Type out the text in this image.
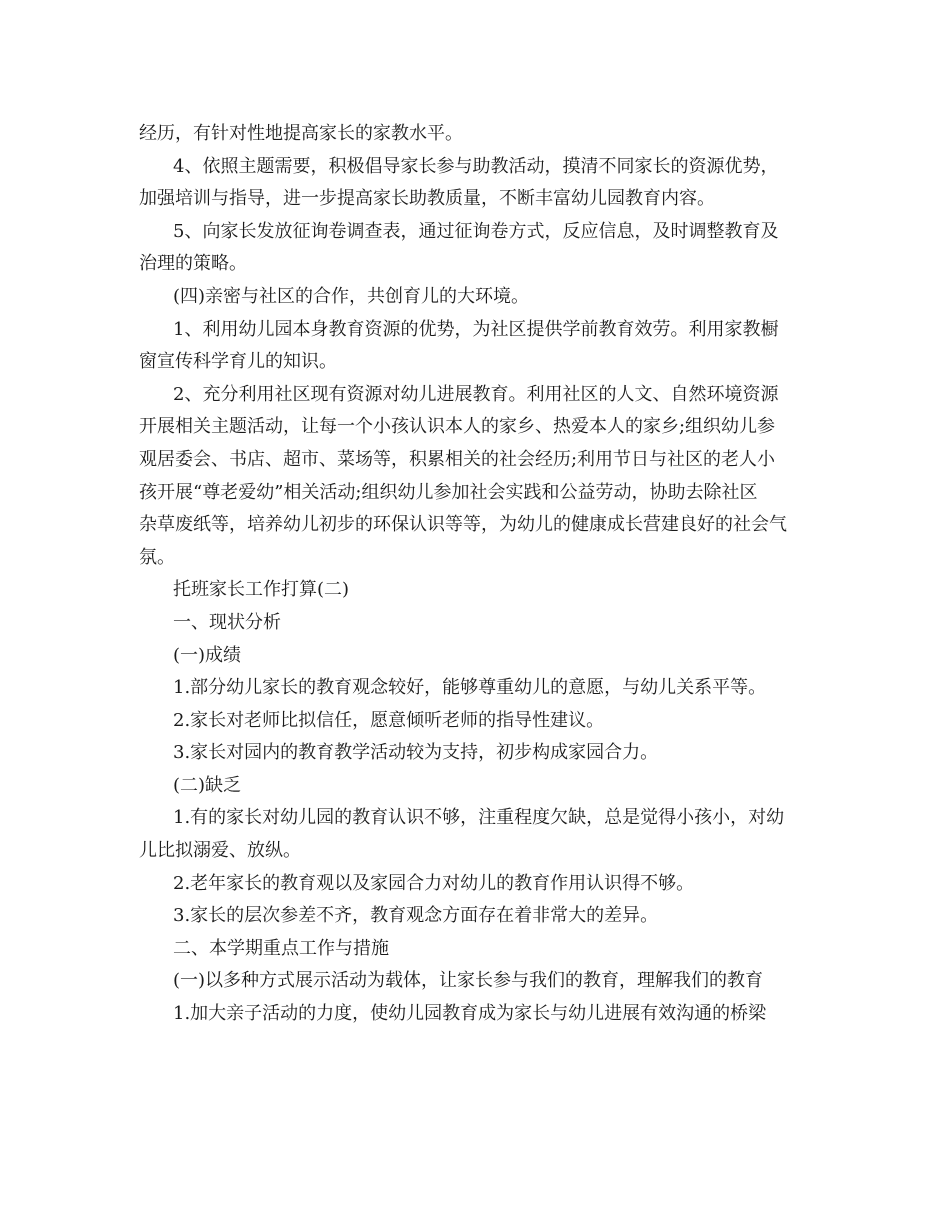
经历，有针对性地提高家长的家教水平。
4、依照主题需要，积极倡导家长参与助教活动，摸清不同家长的资源优势，
加强培训与指导，进一步提高家长助教质量，不断丰富幼儿园教育内容。
5、向家长发放征询卷调查表，通过征询卷方式，反应信息，及时调整教育及
治理的策略。
(四)亲密与社区的合作，共创育儿的大环境。
1、利用幼儿园本身教育资源的优势，为社区提供学前教育效劳。利用家教橱
窗宣传科学育儿的知识。
2、充分利用社区现有资源对幼儿进展教育。利用社区的人文、自然环境资源
开展相关主题活动，让每一个小孩认识本人的家乡、热爱本人的家乡;组织幼儿参
观居委会、书店、超市、菜场等，积累相关的社会经历;利用节日与社区的老人小
孩开展“尊老爱幼”相关活动;组织幼儿参加社会实践和公益劳动，协助去除社区
杂草废纸等，培养幼儿初步的环保认识等等，为幼儿的健康成长营建良好的社会气
氛。
托班家长工作打算(二)
一、现状分析
(一)成绩
1.部分幼儿家长的教育观念较好，能够尊重幼儿的意愿，与幼儿关系平等。
2.家长对老师比拟信任，愿意倾听老师的指导性建议。
3.家长对园内的教育教学活动较为支持，初步构成家园合力。
(二)缺乏
1.有的家长对幼儿园的教育认识不够，注重程度欠缺，总是觉得小孩小，对幼
儿比拟溺爱、放纵。
2.老年家长的教育观以及家园合力对幼儿的教育作用认识得不够。
3.家长的层次参差不齐，教育观念方面存在着非常大的差异。
二、本学期重点工作与措施
(一)以多种方式展示活动为载体，让家长参与我们的教育，理解我们的教育
1.加大亲子活动的力度，使幼儿园教育成为家长与幼儿进展有效沟通的桥梁
